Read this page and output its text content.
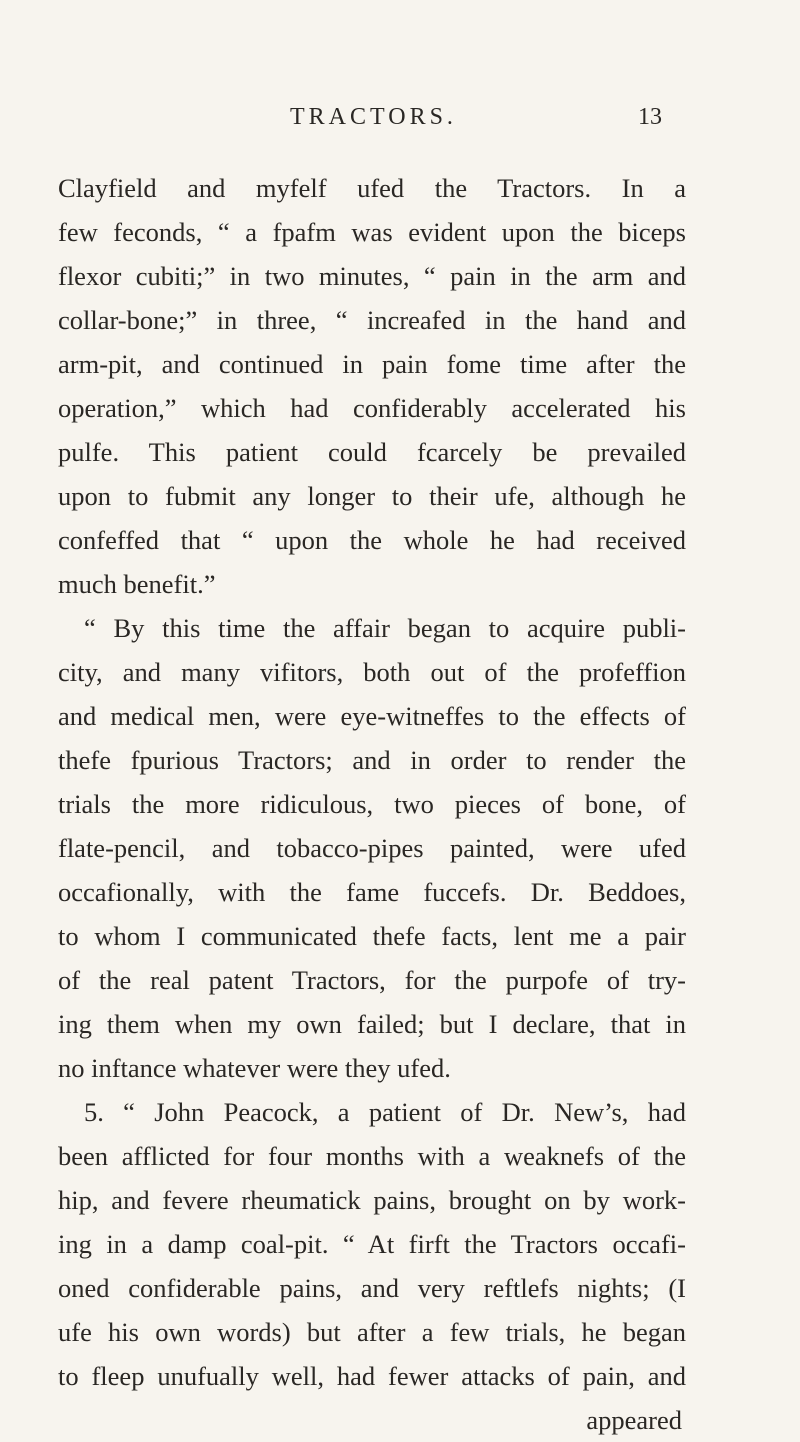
TRACTORS.	13
Clayfield and myfelf ufed the Tractors. In a
few feconds, “ a fpafm was evident upon the biceps
flexor cubiti;” in two minutes, “ pain in the arm and
collar-bone;” in three, “ increafed in the hand and
arm-pit, and continued in pain fome time after the
operation,” which had confiderably accelerated his
pulfe. This patient could fcarcely be prevailed
upon to fubmit any longer to their ufe, although he
confeffed that “ upon the whole he had received
much benefit.”
“ By this time the affair began to acquire publi-
city, and many vifitors, both out of the profeffion
and medical men, were eye-witneffes to the effects of
thefe fpurious Tractors; and in order to render the
trials the more ridiculous, two pieces of bone, of
flate-pencil, and tobacco-pipes painted, were ufed
occafionally, with the fame fuccefs. Dr. Beddoes,
to whom I communicated thefe facts, lent me a pair
of the real patent Tractors, for the purpofe of try-
ing them when my own failed; but I declare, that in
no inftance whatever were they ufed.
5. “ John Peacock, a patient of Dr. New’s, had
been afflicted for four months with a weaknefs of the
hip, and fevere rheumatick pains, brought on by work-
ing in a damp coal-pit. “ At firft the Tractors occafi-
oned confiderable pains, and very reftlefs nights; (I
ufe his own words) but after a few trials, he began
to fleep unufually well, had fewer attacks of pain, and
appeared
